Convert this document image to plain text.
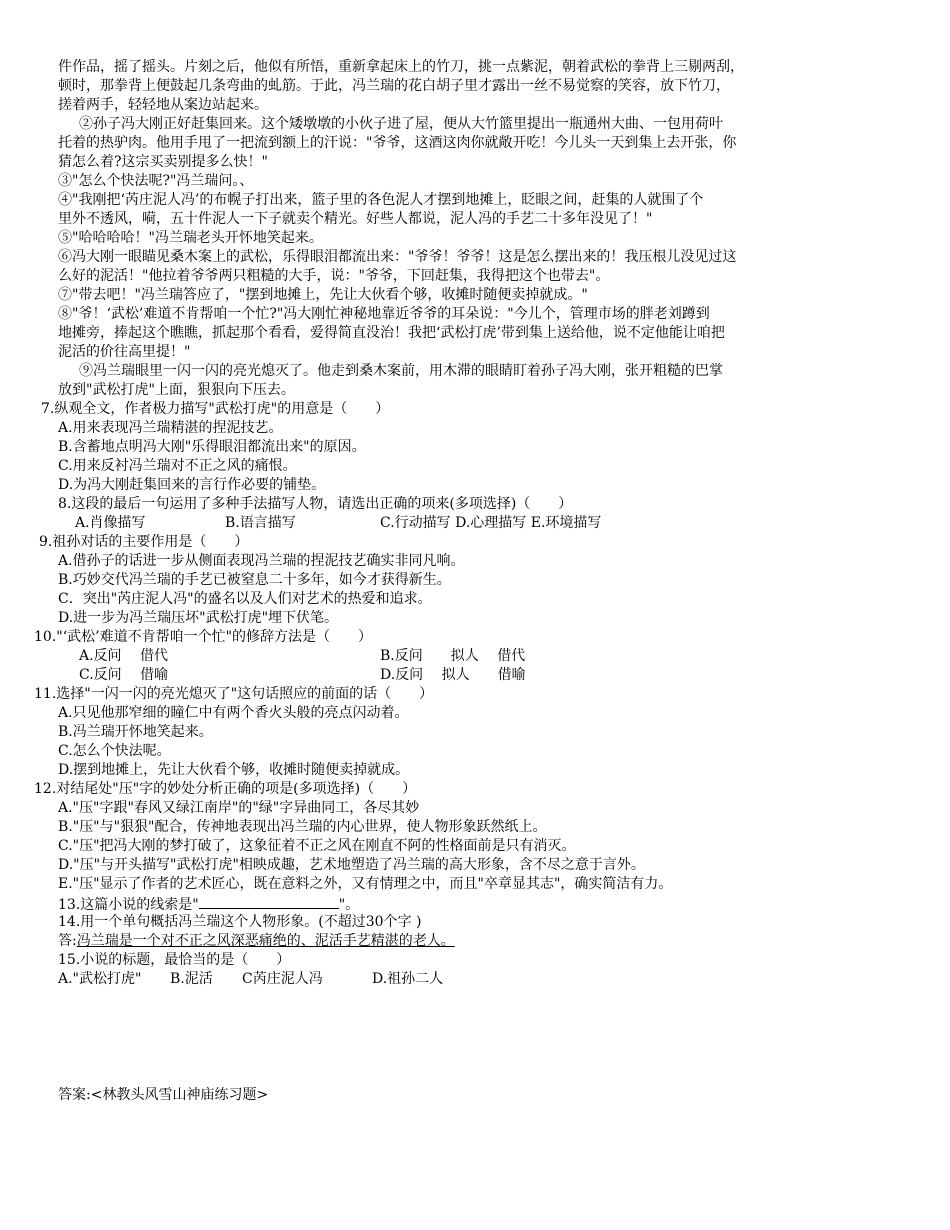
件作品，摇了摇头。片刻之后，他似有所悟，重新拿起床上的竹刀，挑一点紫泥，朝着武松的拳背上三剔两刮，
顿时，那拳背上便鼓起几条弯曲的虬筋。于此，冯兰瑞的花白胡子里才露出一丝不易觉察的笑容，放下竹刀，
搓着两手，轻轻地从案边站起来。
②孙子冯大刚正好赶集回来。这个矮墩墩的小伙子进了屋，便从大竹篮里提出一瓶通州大曲、一包用荷叶
托着的热驴肉。他用手甩了一把流到额上的汗说："爷爷，这酒这肉你就敞开吃！今儿头一天到集上去开张，你
猜怎么着?这宗买卖别提多么快！"
③"怎么个快法呢?"冯兰瑞问。、
④"我刚把‘芮庄泥人冯’的布幌子打出来，篮子里的各色泥人才摆到地摊上，眨眼之间，赶集的人就围了个
里外不透风，嗬，五十件泥人一下子就卖个精光。好些人都说，泥人冯的手艺二十多年没见了！"
⑤"哈哈哈哈！"冯兰瑞老头开怀地笑起来。
⑥冯大刚一眼瞄见桑木案上的武松，乐得眼泪都流出来："爷爷！爷爷！这是怎么摆出来的！我压根儿没见过这
么好的泥活！"他拉着爷爷两只粗糙的大手，说："爷爷，下回赶集，我得把这个也带去"。
⑦"带去吧！"冯兰瑞答应了，"摆到地摊上，先让大伙看个够，收摊时随便卖掉就成。"
⑧"爷！‘武松’难道不肯帮咱一个忙?"冯大刚忙神秘地靠近爷爷的耳朵说："今儿个，管理市场的胖老刘蹲到
地摊旁，捧起这个瞧瞧，抓起那个看看，爱得简直没治！我把‘武松打虎’带到集上送给他，说不定他能让咱把
泥活的价往高里提！"
⑨冯兰瑞眼里一闪一闪的亮光熄灭了。他走到桑木案前，用木滞的眼睛盯着孙子冯大刚，张开粗糙的巴掌
放到"武松打虎"上面，狠狠向下压去。
7.纵观全文，作者极力描写"武松打虎"的用意是（　　）
A.用来表现冯兰瑞精湛的捏泥技艺。
B.含蓄地点明冯大刚"乐得眼泪都流出来"的原因。
C.用来反衬冯兰瑞对不正之风的痛恨。
D.为冯大刚赶集回来的言行作必要的铺垫。
8.这段的最后一句运用了多种手法描写人物，请选出正确的项来(多项选择)（　　）
A.肖像描写	B.语言描写	C.行动描写 D.心理描写 E.环境描写
9.祖孙对话的主要作用是（　　）
A.借孙子的话进一步从侧面表现冯兰瑞的捏泥技艺确实非同凡响。
B.巧妙交代冯兰瑞的手艺已被窒息二十多年，如今才获得新生。
C．突出"芮庄泥人冯"的盛名以及人们对艺术的热爱和追求。
D.进一步为冯兰瑞压坏"武松打虎"埋下伏笔。
10."‘武松’难道不肯帮咱一个忙"的修辞方法是（　　）
A.反问　 借代	B.反问　　拟人　 借代
C.反问　 借喻	D.反问　 拟人　　借喻
11.选择"一闪一闪的亮光熄灭了"这句话照应的前面的话（　　）
A.只见他那窄细的瞳仁中有两个香火头般的亮点闪动着。
B.冯兰瑞开怀地笑起来。
C.怎么个快法呢。
D.摆到地摊上，先让大伙看个够，收摊时随便卖掉就成。
12.对结尾处"压"字的妙处分析正确的项是(多项选择)（　　）
A."压"字跟"春风又绿江南岸"的"绿"字异曲同工，各尽其妙
B."压"与"狠狠"配合，传神地表现出冯兰瑞的内心世界，使人物形象跃然纸上。
C."压"把冯大刚的梦打破了，这象征着不正之风在刚直不阿的性格面前是只有消灭。
D."压"与开头描写"武松打虎"相映成趣，艺术地塑造了冯兰瑞的高大形象，含不尽之意于言外。
E."压"显示了作者的艺术匠心，既在意料之外，又有情理之中，而且"卒章显其志"，确实简洁有力。
13.这篇小说的线索是"	"。
14.用一个单句概括冯兰瑞这个人物形象。(不超过30个字 )
答:冯兰瑞是一个对不正之风深恶痛绝的、泥活手艺精湛的老人。
15.小说的标题，最恰当的是（　　）
A."武松打虎" B.泥活 C芮庄泥人冯	D.祖孙二人
答案:<林教头风雪山神庙练习题>
